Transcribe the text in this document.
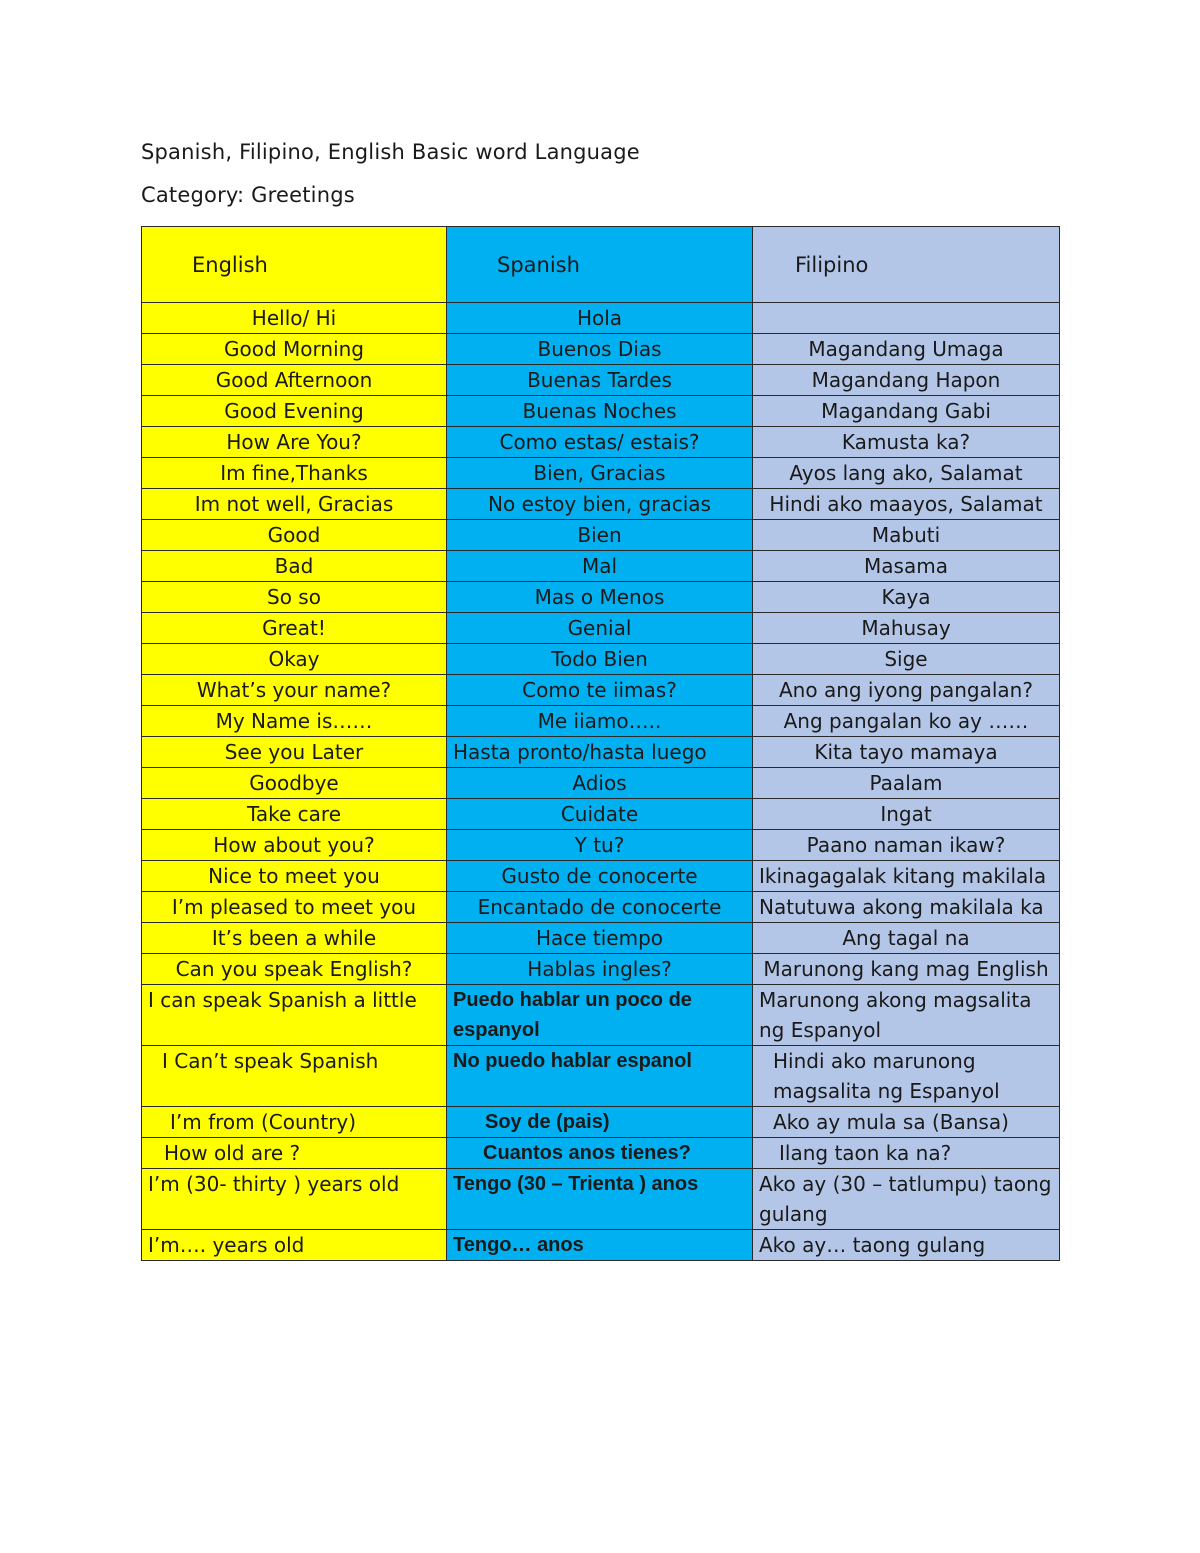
Spanish, Filipino, English Basic word Language
Category: Greetings
English	Spanish	Filipino
Hello/ Hi	Hola	
Good Morning	Buenos Dias	Magandang Umaga
Good Afternoon	Buenas Tardes	Magandang Hapon
Good Evening	Buenas Noches	Magandang Gabi
How Are You?	Como estas/ estais?	Kamusta ka?
Im fine,Thanks	Bien, Gracias	Ayos lang ako, Salamat
Im not well, Gracias	No estoy bien, gracias	Hindi ako maayos, Salamat
Good	Bien	Mabuti
Bad	Mal	Masama
So so	Mas o Menos	Kaya
Great!	Genial	Mahusay
Okay	Todo Bien	Sige
What’s your name?	Como te iimas?	Ano ang iyong pangalan?
My Name is……	Me iiamo…..	Ang pangalan ko ay ……
See you Later	Hasta pronto/hasta luego	Kita tayo mamaya
Goodbye	Adios	Paalam
Take care	Cuidate	Ingat
How about you?	Y tu?	Paano naman ikaw?
Nice to meet you	Gusto de conocerte	Ikinagagalak kitang makilala
I’m pleased to meet you	Encantado de conocerte	Natutuwa akong makilala ka
It’s been a while	Hace tiempo	Ang tagal na
Can you speak English?	Hablas ingles?	Marunong kang mag English
I can speak Spanish a little	Puedo hablar un poco de espanyol	Marunong akong magsalita ng Espanyol
I Can’t speak Spanish	No puedo hablar espanol	Hindi ako marunong magsalita ng Espanyol
I’m from (Country)	Soy de (pais)	Ako ay mula sa (Bansa)
How old are ?	Cuantos anos tienes?	Ilang taon ka na?
I’m (30- thirty ) years old	Tengo (30 – Trienta ) anos	Ako ay (30 – tatlumpu) taong gulang
I’m…. years old	Tengo… anos	Ako ay… taong gulang
